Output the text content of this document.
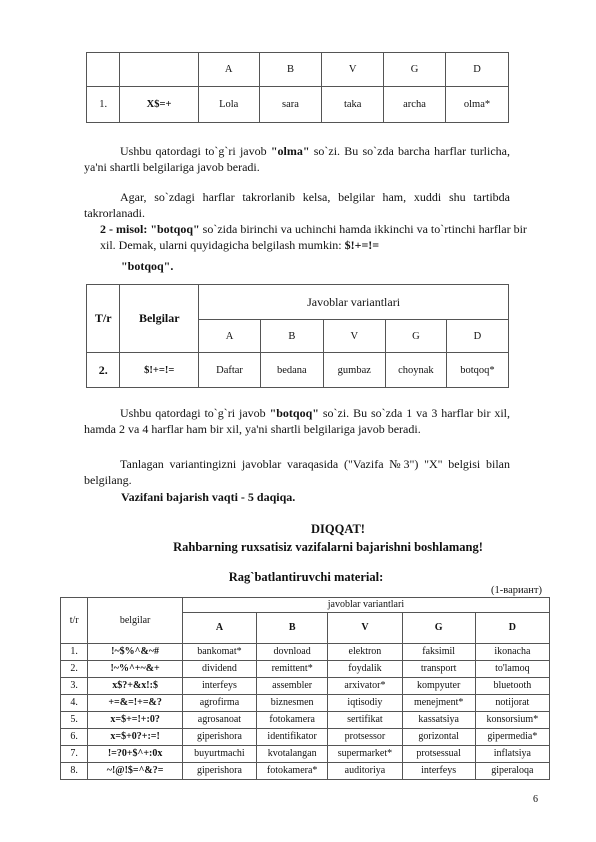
		A	B	V	G	D
1.	X$=+	Lola	sara	taka	archa	olma*
Ushbu qatordagi to`g`ri javob "olma" so`zi. Bu so`zda barcha harflar turlicha, ya'ni shartli belgilariga javob beradi.
Agar, so`zdagi harflar takrorlanib kelsa, belgilar ham, xuddi shu tartibda takrorlanadi.
2 - misol: "botqoq" so`zida birinchi va uchinchi hamda ikkinchi va to`rtinchi harflar bir xil. Demak, ularni quyidagicha belgilash mumkin: $!+=!=
"botqoq".
T/r	Belgilar	Javoblar variantlari				
		A	B	V	G	D
2.	$!+=!=	Daftar	bedana	gumbaz	choynak	botqoq*
Ushbu qatordagi to`g`ri javob "botqoq" so`zi. Bu so`zda 1 va 3 harflar bir xil, hamda 2 va 4 harflar ham bir xil, ya'ni shartli belgilariga javob beradi.
Tanlagan variantingizni javoblar varaqasida ("Vazifa №3") "X" belgisi bilan belgilang.
Vazifani bajarish vaqti - 5 daqiqa.
DIQQAT!
Rahbarning ruxsatisiz vazifalarni bajarishni boshlamang!
Rag`batlantiruvchi material:
(1-вариант)
t/r	belgilar	javoblar variantlari				
		A	B	V	G	D
1.	!~$%^&~#	bankomat*	dovnload	elektron	faksimil	ikonacha
2.	!~%^+~&+	dividend	remittent*	foydalik	transport	to'lamoq
3.	x$?+&x!:$	interfeys	assembler	arxivator*	kompyuter	bluetooth
4.	+=&=!+=&?	agrofirma	biznesmen	iqtisodiy	menejment*	notijorat
5.	x=$+=!+:0?	agrosanoat	fotokamera	sertifikat	kassatsiya	konsorsium*
6.	x=$+0?+:=!	giperishora	identifikator	protsessor	gorizontal	gipermedia*
7.	!=?0+$^+:0x	buyurtmachi	kvotalangan	supermarket*	protsessual	inflatsiya
8.	~!@!$=^&?=	giperishora	fotokamera*	auditoriya	interfeys	giperaloqa
6
